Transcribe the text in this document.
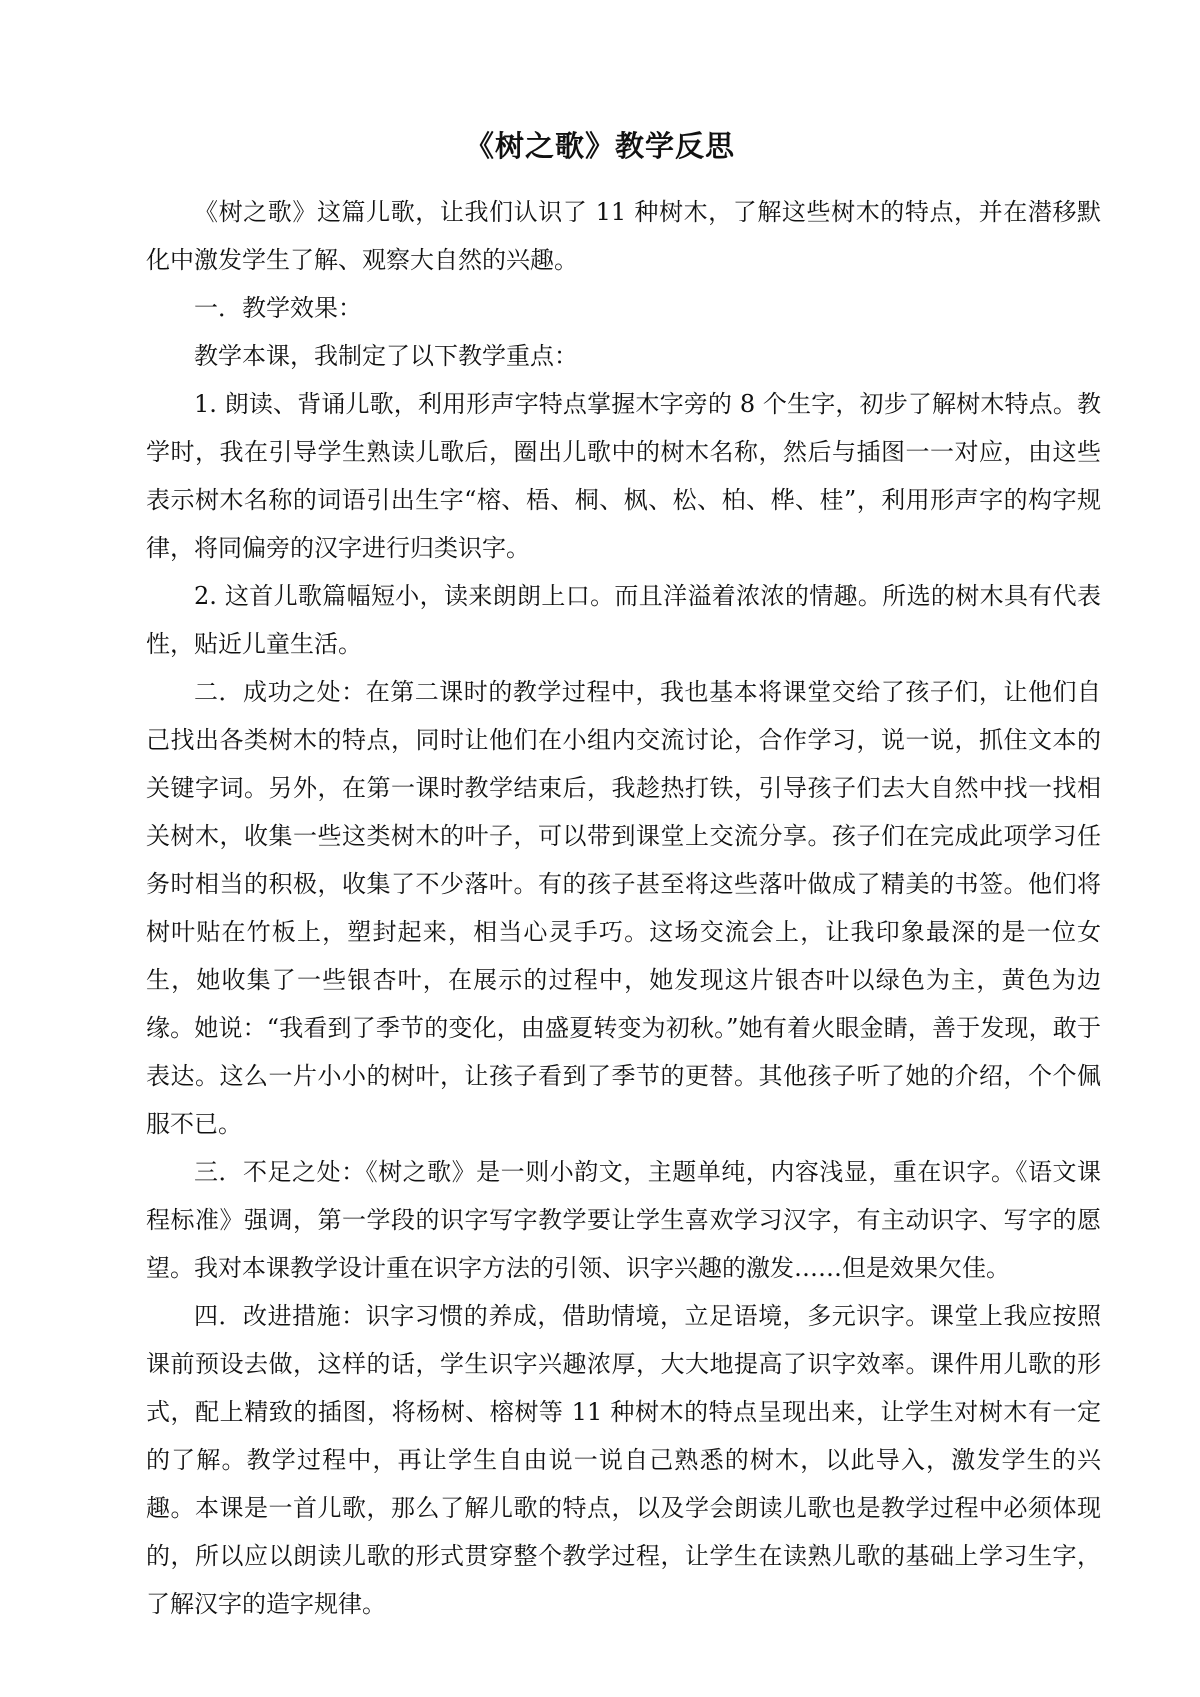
《树之歌》教学反思

《树之歌》这篇儿歌，让我们认识了 11 种树木，了解这些树木的特点，并在潜移默化中激发学生了解、观察大自然的兴趣。

一．教学效果：

教学本课，我制定了以下教学重点：

1. 朗读、背诵儿歌，利用形声字特点掌握木字旁的 8 个生字，初步了解树木特点。教学时，我在引导学生熟读儿歌后，圈出儿歌中的树木名称，然后与插图一一对应，由这些表示树木名称的词语引出生字“榕、梧、桐、枫、松、柏、桦、桂”，利用形声字的构字规律，将同偏旁的汉字进行归类识字。

2. 这首儿歌篇幅短小，读来朗朗上口。而且洋溢着浓浓的情趣。所选的树木具有代表性，贴近儿童生活。

二．成功之处：在第二课时的教学过程中，我也基本将课堂交给了孩子们，让他们自己找出各类树木的特点，同时让他们在小组内交流讨论，合作学习，说一说，抓住文本的关键字词。另外，在第一课时教学结束后，我趁热打铁，引导孩子们去大自然中找一找相关树木，收集一些这类树木的叶子，可以带到课堂上交流分享。孩子们在完成此项学习任务时相当的积极，收集了不少落叶。有的孩子甚至将这些落叶做成了精美的书签。他们将树叶贴在竹板上，塑封起来，相当心灵手巧。这场交流会上，让我印象最深的是一位女生，她收集了一些银杏叶，在展示的过程中，她发现这片银杏叶以绿色为主，黄色为边缘。她说：“我看到了季节的变化，由盛夏转变为初秋。”她有着火眼金睛，善于发现，敢于表达。这么一片小小的树叶，让孩子看到了季节的更替。其他孩子听了她的介绍，个个佩服不已。

三．不足之处：《树之歌》是一则小韵文，主题单纯，内容浅显，重在识字。《语文课程标准》强调，第一学段的识字写字教学要让学生喜欢学习汉字，有主动识字、写字的愿望。我对本课教学设计重在识字方法的引领、识字兴趣的激发……但是效果欠佳。

四．改进措施：识字习惯的养成，借助情境，立足语境，多元识字。课堂上我应按照课前预设去做，这样的话，学生识字兴趣浓厚，大大地提高了识字效率。课件用儿歌的形式，配上精致的插图，将杨树、榕树等 11 种树木的特点呈现出来，让学生对树木有一定的了解。教学过程中，再让学生自由说一说自己熟悉的树木，以此导入，激发学生的兴趣。本课是一首儿歌，那么了解儿歌的特点，以及学会朗读儿歌也是教学过程中必须体现的，所以应以朗读儿歌的形式贯穿整个教学过程，让学生在读熟儿歌的基础上学习生字，了解汉字的造字规律。
